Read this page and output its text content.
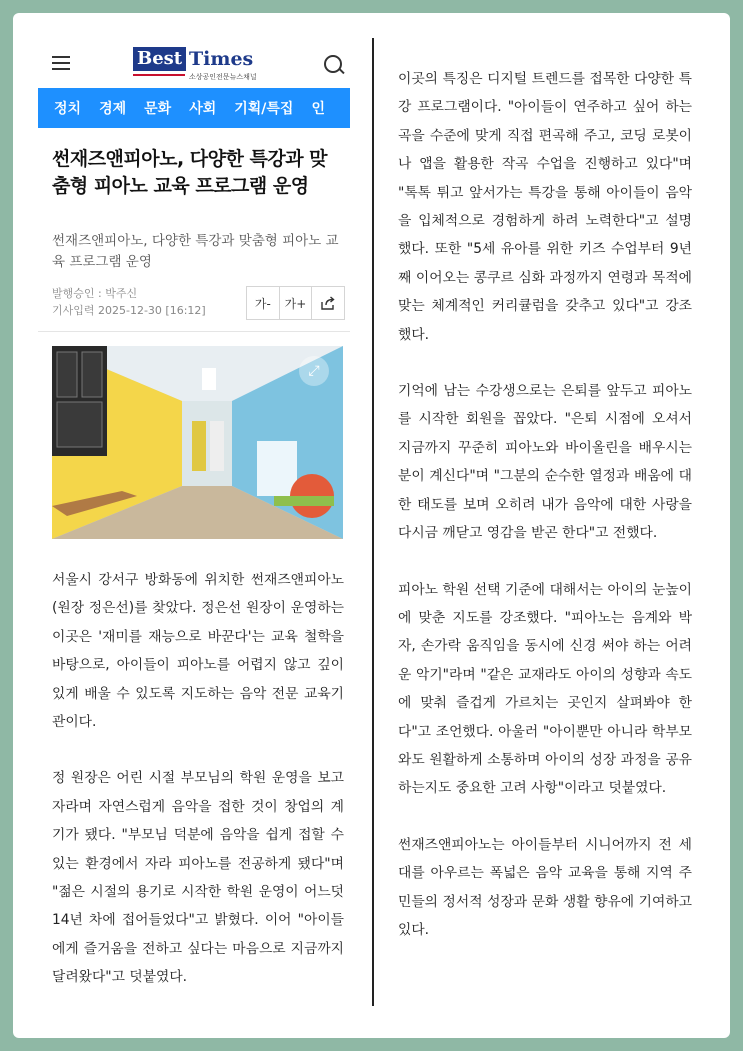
Best Times
소상공인전문뉴스채널
정치 경제 문화 사회 기획/특집 인
썬재즈앤피아노, 다양한 특강과 맞춤형 피아노 교육 프로그램 운영
썬재즈앤피아노, 다양한 특강과 맞춤형 피아노 교육 프로그램 운영
발행승인 : 박주신
기사입력 2025-12-30 [16:12]	가-	가+
⤢

서울시 강서구 방화동에 위치한 썬재즈앤피아노(원장 정은선)를 찾았다. 정은선 원장이 운영하는 이곳은 '재미를 재능으로 바꾼다'는 교육 철학을 바탕으로, 아이들이 피아노를 어렵지 않고 깊이 있게 배울 수 있도록 지도하는 음악 전문 교육기관이다.

정 원장은 어린 시절 부모님의 학원 운영을 보고 자라며 자연스럽게 음악을 접한 것이 창업의 계기가 됐다. "부모님 덕분에 음악을 쉽게 접할 수 있는 환경에서 자라 피아노를 전공하게 됐다"며 "젊은 시절의 용기로 시작한 학원 운영이 어느덧 14년 차에 접어들었다"고 밝혔다. 이어 "아이들에게 즐거움을 전하고 싶다는 마음으로 지금까지 달려왔다"고 덧붙였다.

이곳의 특징은 디지털 트렌드를 접목한 다양한 특강 프로그램이다. "아이들이 연주하고 싶어 하는 곡을 수준에 맞게 직접 편곡해 주고, 코딩 로봇이나 앱을 활용한 작곡 수업을 진행하고 있다"며 "톡톡 튀고 앞서가는 특강을 통해 아이들이 음악을 입체적으로 경험하게 하려 노력한다"고 설명했다. 또한 "5세 유아를 위한 키즈 수업부터 9년째 이어오는 콩쿠르 심화 과정까지 연령과 목적에 맞는 체계적인 커리큘럼을 갖추고 있다"고 강조했다.

기억에 남는 수강생으로는 은퇴를 앞두고 피아노를 시작한 회원을 꼽았다. "은퇴 시점에 오셔서 지금까지 꾸준히 피아노와 바이올린을 배우시는 분이 계신다"며 "그분의 순수한 열정과 배움에 대한 태도를 보며 오히려 내가 음악에 대한 사랑을 다시금 깨닫고 영감을 받곤 한다"고 전했다.

피아노 학원 선택 기준에 대해서는 아이의 눈높이에 맞춘 지도를 강조했다. "피아노는 음계와 박자, 손가락 움직임을 동시에 신경 써야 하는 어려운 악기"라며 "같은 교재라도 아이의 성향과 속도에 맞춰 즐겁게 가르치는 곳인지 살펴봐야 한다"고 조언했다. 아울러 "아이뿐만 아니라 학부모와도 원활하게 소통하며 아이의 성장 과정을 공유하는지도 중요한 고려 사항"이라고 덧붙였다.

썬재즈앤피아노는 아이들부터 시니어까지 전 세대를 아우르는 폭넓은 음악 교육을 통해 지역 주민들의 정서적 성장과 문화 생활 향유에 기여하고 있다.
